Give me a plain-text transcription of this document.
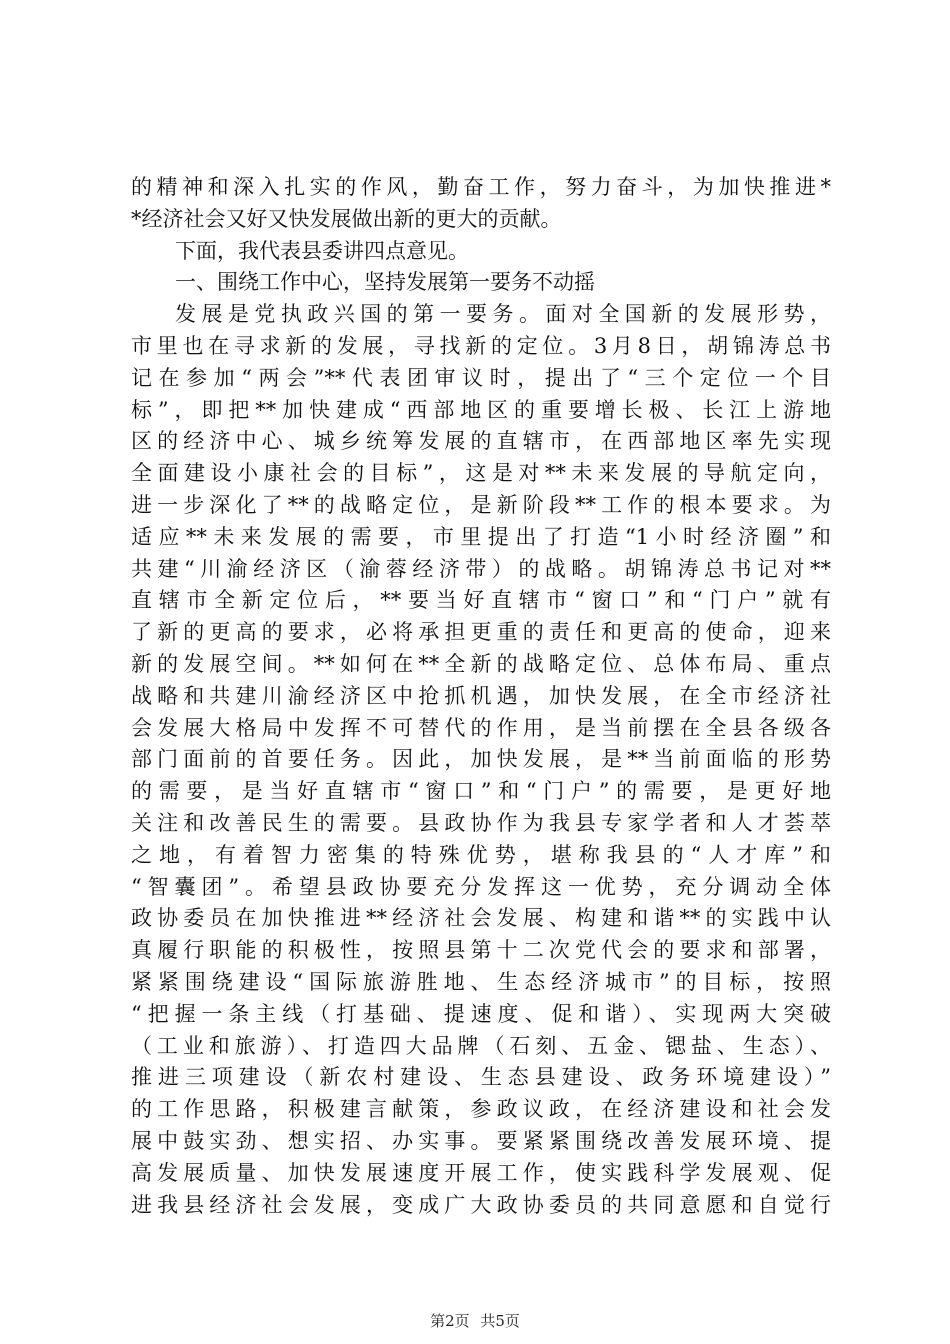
的精神和深入扎实的作风，勤奋工作，努力奋斗，为加快推进*
*经济社会又好又快发展做出新的更大的贡献。
下面，我代表县委讲四点意见。
一、围绕工作中心，坚持发展第一要务不动摇
发展是党执政兴国的第一要务。面对全国新的发展形势，
市里也在寻求新的发展，寻找新的定位。3月8日，胡锦涛总书
记在参加“两会”**代表团审议时，提出了“三个定位一个目
标”，即把**加快建成“西部地区的重要增长极、长江上游地
区的经济中心、城乡统筹发展的直辖市，在西部地区率先实现
全面建设小康社会的目标”，这是对**未来发展的导航定向，
进一步深化了**的战略定位，是新阶段**工作的根本要求。为
适应**未来发展的需要，市里提出了打造“1小时经济圈”和
共建“川渝经济区（渝蓉经济带）的战略。胡锦涛总书记对**
直辖市全新定位后，**要当好直辖市“窗口”和“门户”就有
了新的更高的要求，必将承担更重的责任和更高的使命，迎来
新的发展空间。**如何在**全新的战略定位、总体布局、重点
战略和共建川渝经济区中抢抓机遇，加快发展，在全市经济社
会发展大格局中发挥不可替代的作用，是当前摆在全县各级各
部门面前的首要任务。因此，加快发展，是**当前面临的形势
的需要，是当好直辖市“窗口”和“门户”的需要，是更好地
关注和改善民生的需要。县政协作为我县专家学者和人才荟萃
之地，有着智力密集的特殊优势，堪称我县的“人才库”和
“智囊团”。希望县政协要充分发挥这一优势，充分调动全体
政协委员在加快推进**经济社会发展、构建和谐**的实践中认
真履行职能的积极性，按照县第十二次党代会的要求和部署，
紧紧围绕建设“国际旅游胜地、生态经济城市”的目标，按照
“把握一条主线（打基础、提速度、促和谐）、实现两大突破
（工业和旅游）、打造四大品牌（石刻、五金、锶盐、生态）、
推进三项建设（新农村建设、生态县建设、政务环境建设）”
的工作思路，积极建言献策，参政议政，在经济建设和社会发
展中鼓实劲、想实招、办实事。要紧紧围绕改善发展环境、提
高发展质量、加快发展速度开展工作，使实践科学发展观、促
进我县经济社会发展，变成广大政协委员的共同意愿和自觉行
第2页 共5页
